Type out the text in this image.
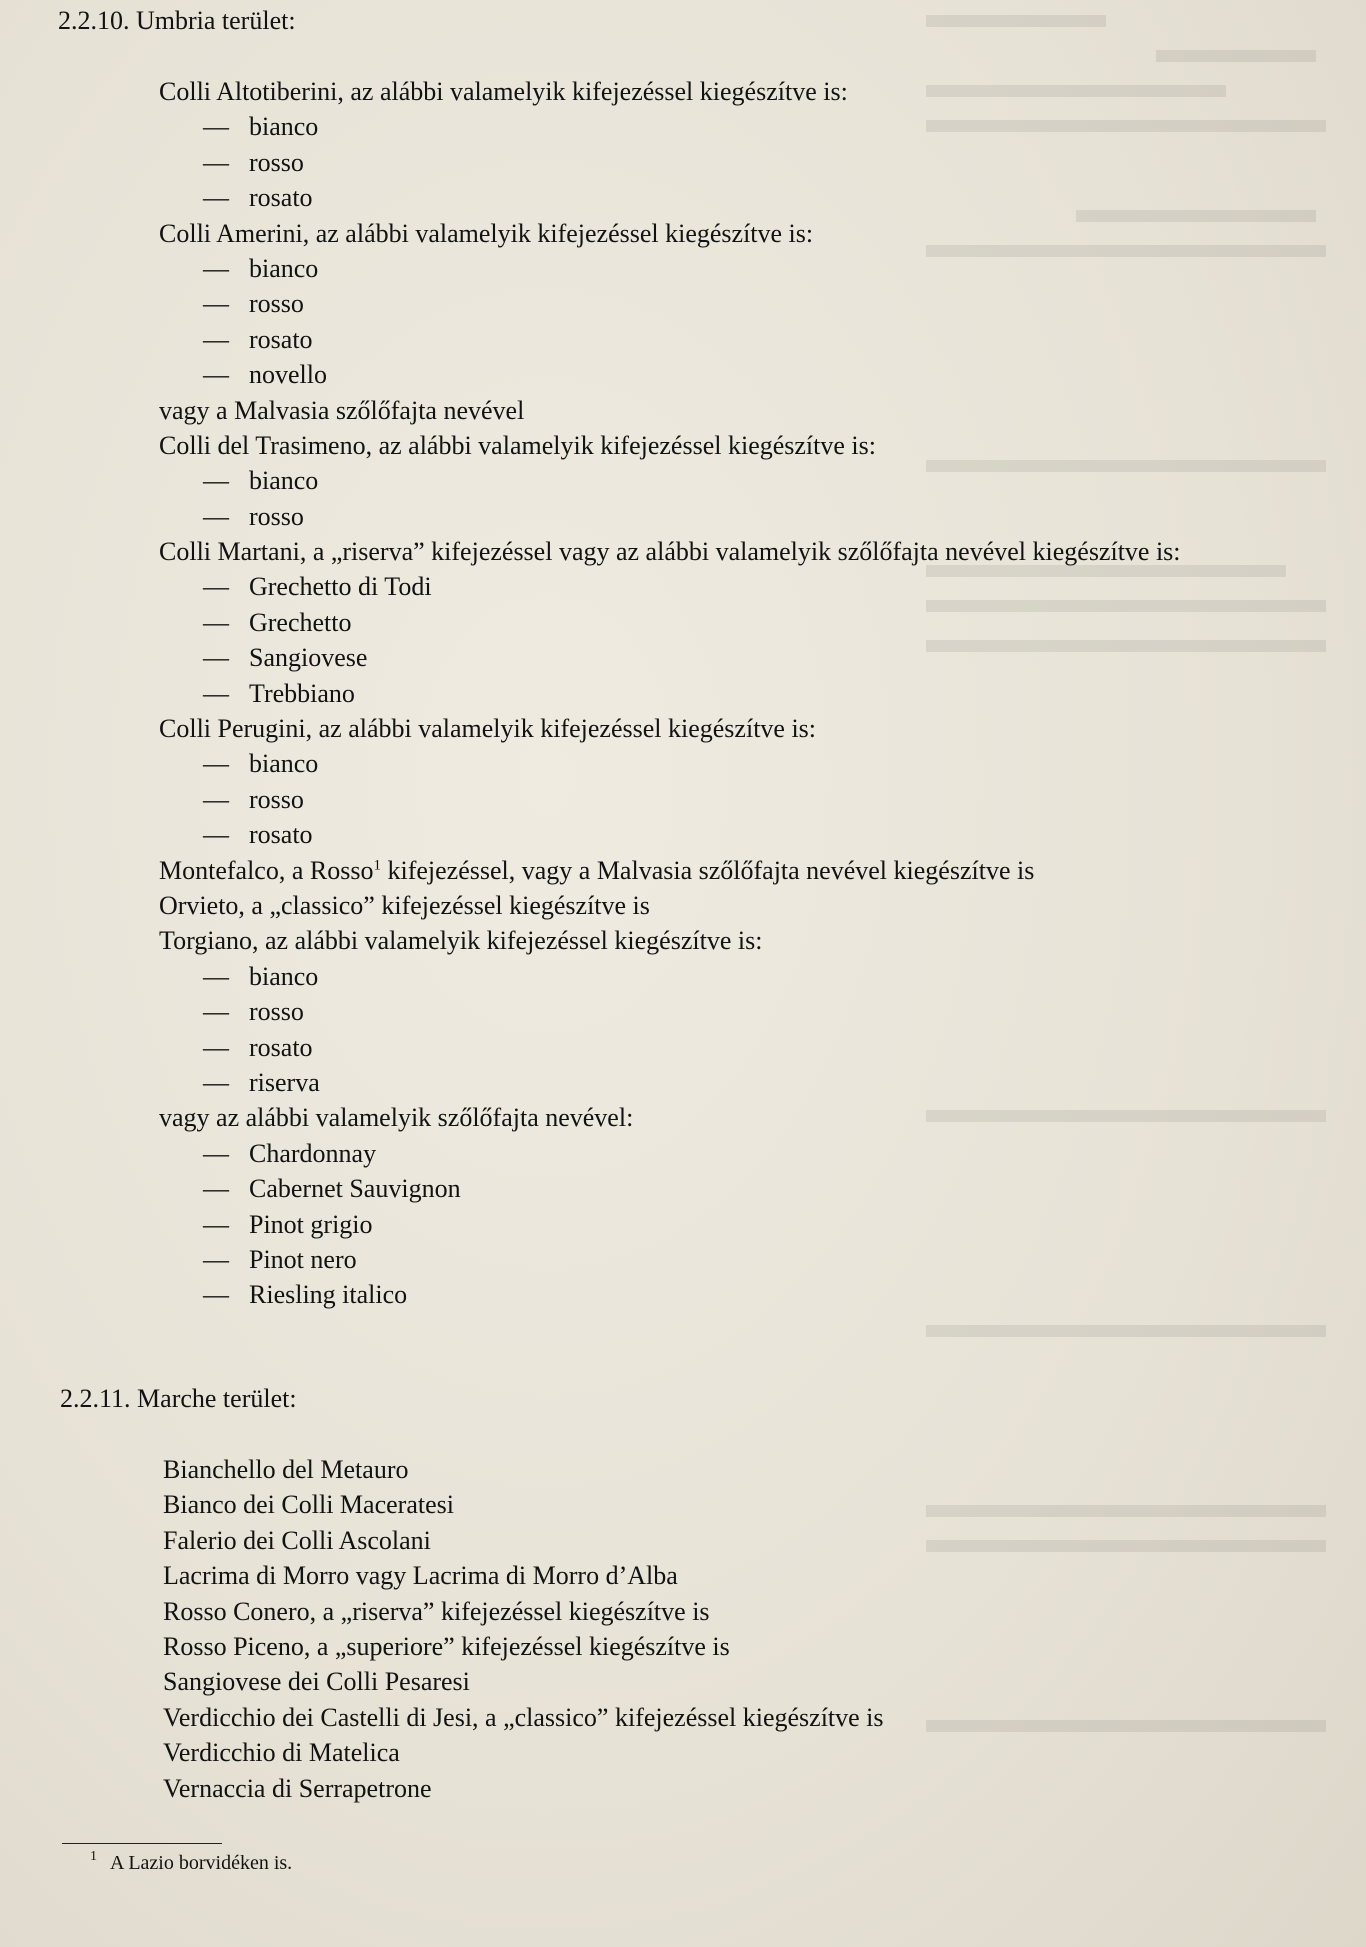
2.2.10. Umbria terület:
Colli Altotiberini, az alábbi valamelyik kifejezéssel kiegészítve is:
— bianco
— rosso
— rosato
Colli Amerini, az alábbi valamelyik kifejezéssel kiegészítve is:
— bianco
— rosso
— rosato
— novello
vagy a Malvasia szőlőfajta nevével
Colli del Trasimeno, az alábbi valamelyik kifejezéssel kiegészítve is:
— bianco
— rosso
Colli Martani, a „riserva” kifejezéssel vagy az alábbi valamelyik szőlőfajta nevével kiegészítve is:
— Grechetto di Todi
— Grechetto
— Sangiovese
— Trebbiano
Colli Perugini, az alábbi valamelyik kifejezéssel kiegészítve is:
— bianco
— rosso
— rosato
Montefalco, a Rosso$^1$ kifejezéssel, vagy a Malvasia szőlőfajta nevével kiegészítve is
Orvieto, a „classico” kifejezéssel kiegészítve is
Torgiano, az alábbi valamelyik kifejezéssel kiegészítve is:
— bianco
— rosso
— rosato
— riserva
vagy az alábbi valamelyik szőlőfajta nevével:
— Chardonnay
— Cabernet Sauvignon
— Pinot grigio
— Pinot nero
— Riesling italico
2.2.11. Marche terület:
Bianchello del Metauro
Bianco dei Colli Maceratesi
Falerio dei Colli Ascolani
Lacrima di Morro vagy Lacrima di Morro d’Alba
Rosso Conero, a „riserva” kifejezéssel kiegészítve is
Rosso Piceno, a „superiore” kifejezéssel kiegészítve is
Sangiovese dei Colli Pesaresi
Verdicchio dei Castelli di Jesi, a „classico” kifejezéssel kiegészítve is
Verdicchio di Matelica
Vernaccia di Serrapetrone
1 A Lazio borvidéken is.
